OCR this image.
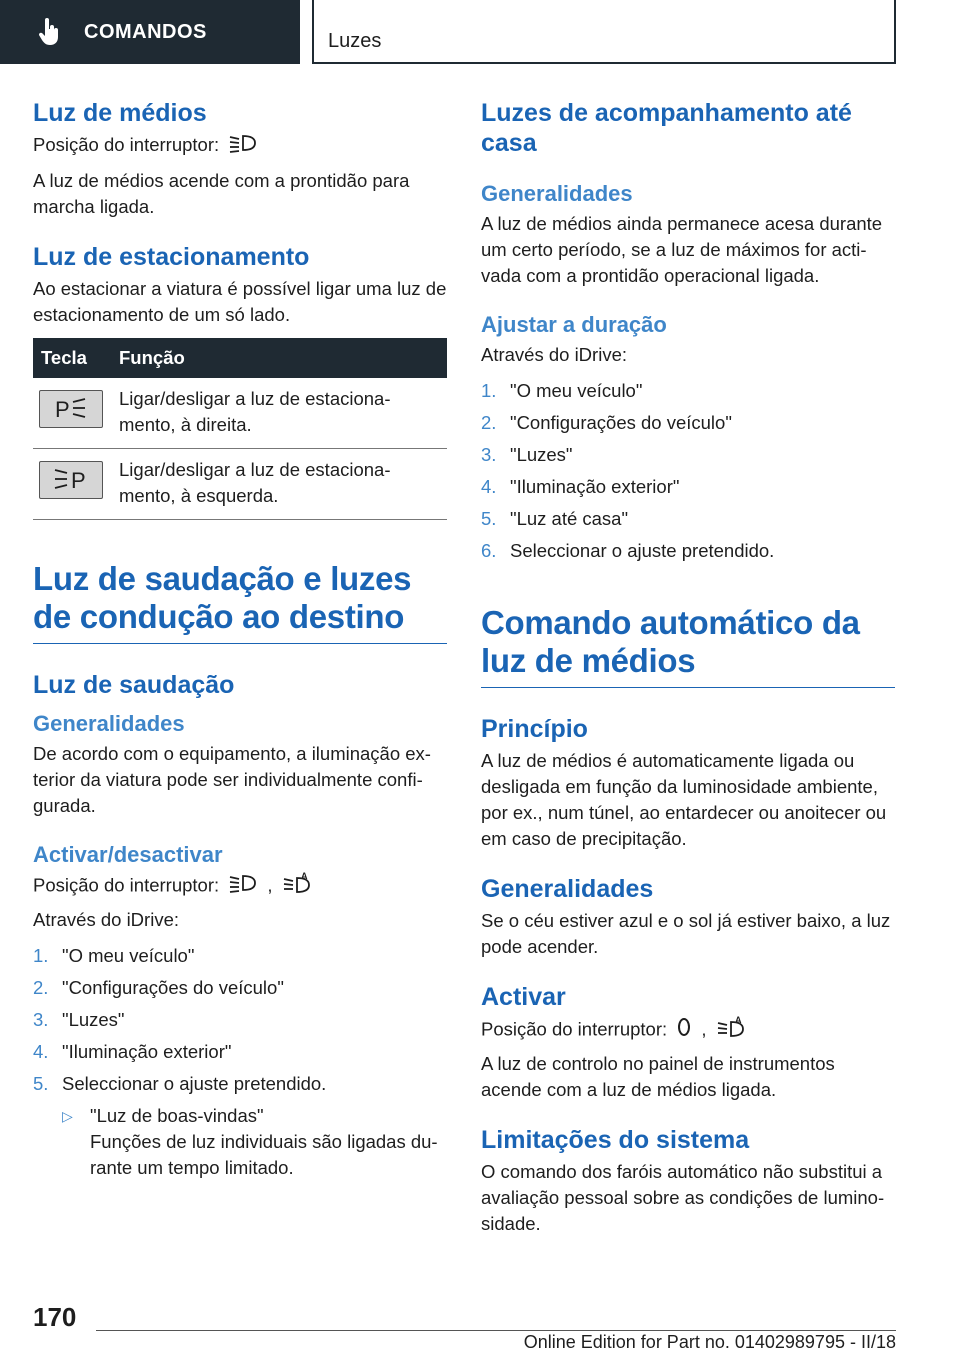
COMANDOS	Luzes
Luz de médios

Posição do interruptor:

A luz de médios acende com a prontidão para marcha ligada.

Luz de estacionamento

Ao estacionar a viatura é possível ligar uma luz de estacionamento de um só lado.

Tecla	Função

P	Ligar/desligar a luz de estaciona-mento, à direita.

P	Ligar/desligar a luz de estaciona-mento, à esquerda.
Luz de saudação e luzes de condução ao destino
Luz de saudação
Generalidades

De acordo com o equipamento, a iluminação ex-terior da viatura pode ser individualmente confi-gurada.

Activar/desactivar

Posição do interruptor:	,	A

Através do iDrive:

1. "O meu veículo"
2. "Configurações do veículo"
3. "Luzes"
4. "Iluminação exterior"
5. Seleccionar o ajuste pretendido.
▷ "Luz de boas-vindas"

Funções de luz individuais são ligadas du-rante um tempo limitado.

Luzes de acompanhamento até casa
Generalidades

A luz de médios ainda permanece acesa durante um certo período, se a luz de máximos for acti-vada com a prontidão operacional ligada.

Ajustar a duração

Através do iDrive:

1. "O meu veículo"
2. "Configurações do veículo"
3. "Luzes"
4. "Iluminação exterior"
5. "Luz até casa"
6. Seleccionar o ajuste pretendido.
Comando automático da luz de médios
Princípio

A luz de médios é automaticamente ligada ou desligada em função da luminosidade ambiente, por ex., num túnel, ao entardecer ou anoitecer ou em caso de precipitação.

Generalidades

Se o céu estiver azul e o sol já estiver baixo, a luz pode acender.

Activar

Posição do interruptor: ,	A

A luz de controlo no painel de instrumentos acende com a luz de médios ligada.

Limitações do sistema

O comando dos faróis automático não substitui a avaliação pessoal sobre as condições de lumino-sidade.

170
Online Edition for Part no. 01402989795 - II/18
